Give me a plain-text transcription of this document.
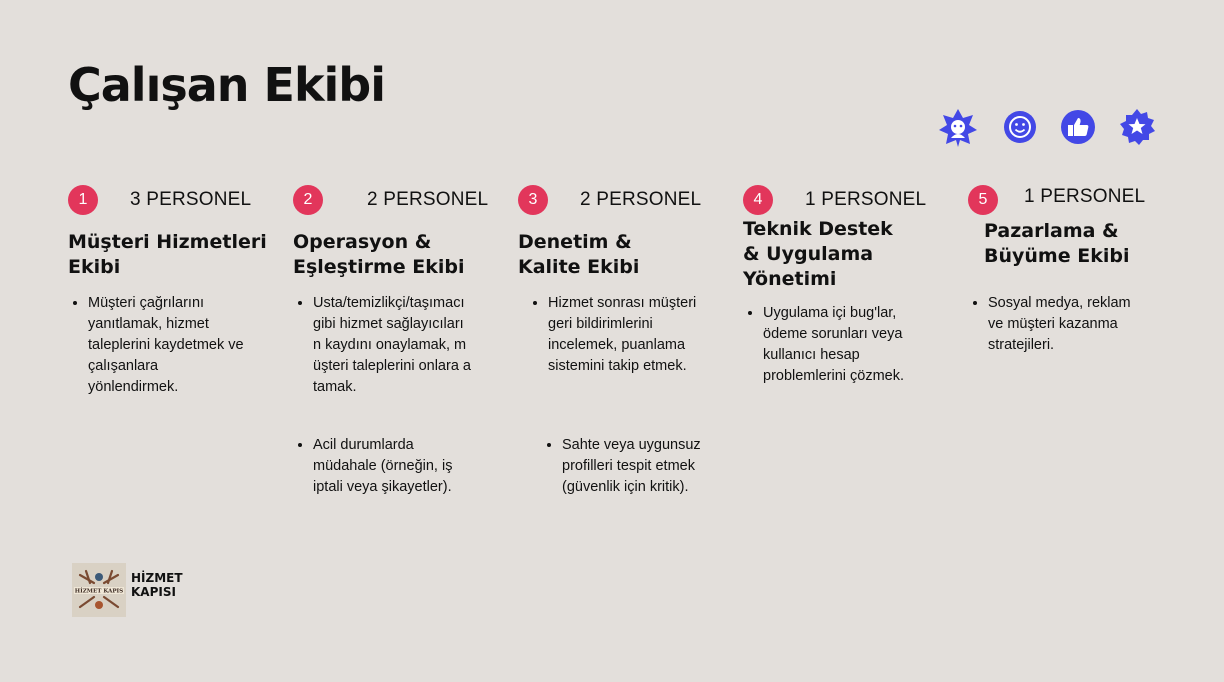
Çalışan Ekibi
1	3 PERSONEL
Müşteri Hizmetleri Ekibi
• Müşteri çağrılarını yanıtlamak, hizmet taleplerini kaydetmek ve çalışanlara yönlendirmek.
2	2 PERSONEL
Operasyon & Eşleştirme Ekibi
• Usta/temizlikçi/taşımacı gibi hizmet sağlayıcıların kaydını onaylamak, müşteri taleplerini onlara atamak.
• Acil durumlarda müdahale (örneğin, iş iptali veya şikayetler).
3	2 PERSONEL
Denetim & Kalite Ekibi
• Hizmet sonrası müşteri geri bildirimlerini incelemek, puanlama sistemini takip etmek.
• Sahte veya uygunsuz profilleri tespit etmek (güvenlik için kritik).
4	1 PERSONEL
Teknik Destek & Uygulama Yönetimi
• Uygulama içi bug'lar, ödeme sorunları veya kullanıcı hesap problemlerini çözmek.
5	1 PERSONEL
Pazarlama & Büyüme Ekibi
• Sosyal medya, reklam ve müşteri kazanma stratejileri.
HİZMET KAPIS
HİZMET
KAPISI
